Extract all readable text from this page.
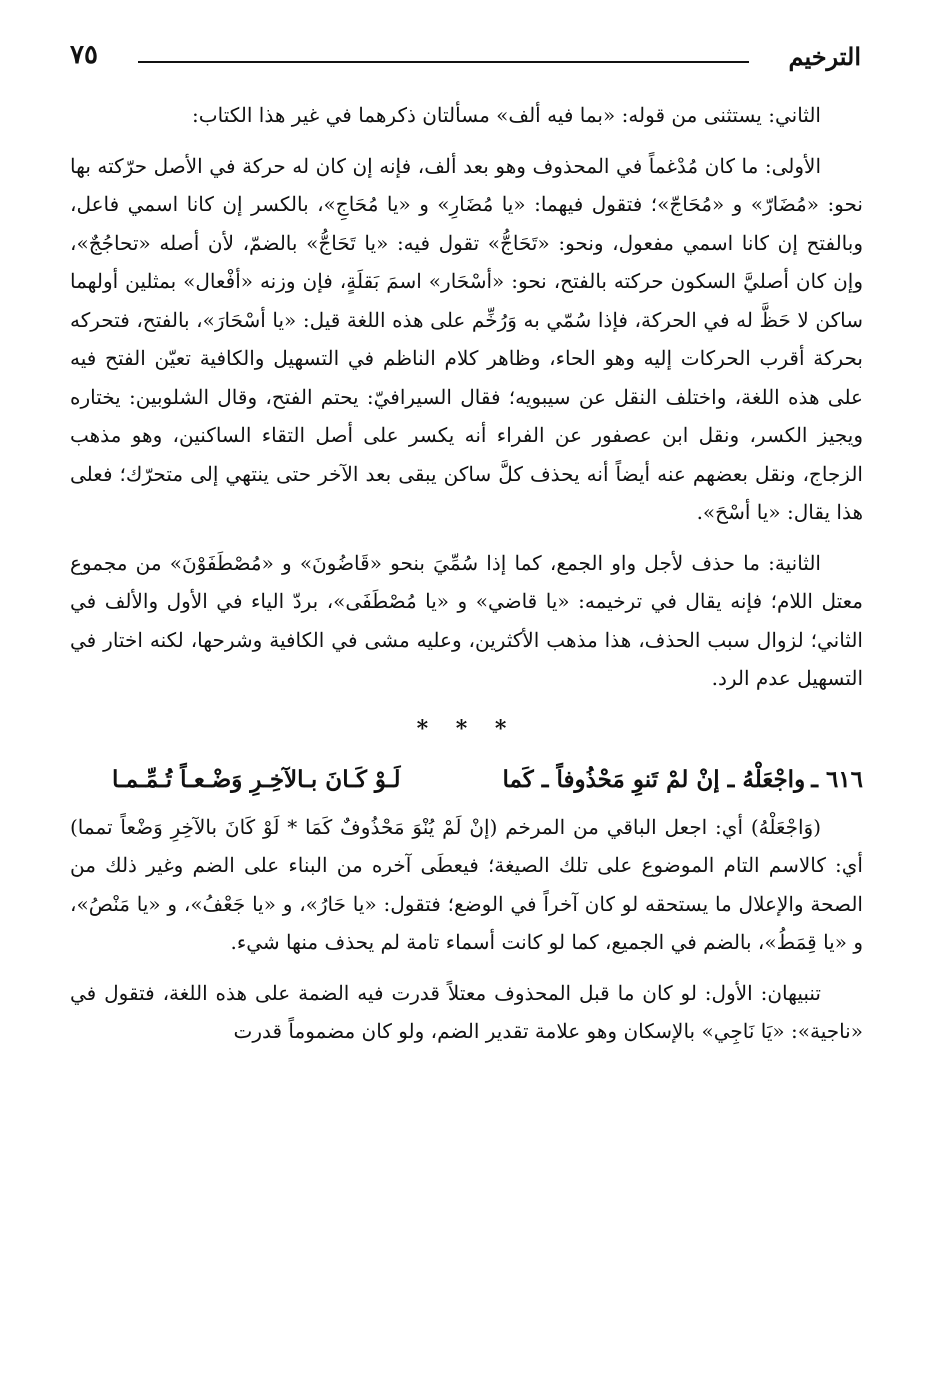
الترخيم
٧٥

الثاني: يستثنى من قوله: «بما فيه ألف» مسألتان ذكرهما في غير هذا الكتاب:

الأولى: ما كان مُدْغماً في المحذوف وهو بعد ألف، فإنه إن كان له حركة في الأصل حرّكته بها نحو: «مُضَارّ» و «مُحَاجّ»؛ فتقول فيهما: «يا مُضَارِ» و «يا مُحَاجِ»، بالكسر إن كانا اسمي فاعل، وبالفتح إن كانا اسمي مفعول، ونحو: «تَحَاجُّ» تقول فيه: «يا تَحَاجُّ» بالضمّ، لأن أصله «تحاجُجٌ»، وإن كان أصليَّ السكون حركته بالفتح، نحو: «أسْحَار» اسمَ بَقلَةٍ، فإن وزنه «أفْعال» بمثلين أولهما ساكن لا حَظَّ له في الحركة، فإذا سُمّي به وَرُخِّم على هذه اللغة قيل: «يا أسْحَارَ»، بالفتح، فتحركه بحركة أقرب الحركات إليه وهو الحاء، وظاهر كلام الناظم في التسهيل والكافية تعيّن الفتح فيه على هذه اللغة، واختلف النقل عن سيبويه؛ فقال السيرافيّ: يحتم الفتح، وقال الشلوبين: يختاره ويجيز الكسر، ونقل ابن عصفور عن الفراء أنه يكسر على أصل التقاء الساكنين، وهو مذهب الزجاج، ونقل بعضهم عنه أيضاً أنه يحذف كلَّ ساكن يبقى بعد الآخر حتى ينتهي إلى متحرّك؛ فعلى هذا يقال: «يا أسْحَ».

الثانية: ما حذف لأجل واو الجمع، كما إذا سُمِّيَ بنحو «قَاضُونَ» و «مُصْطَفَوْنَ» من مجموع معتل اللام؛ فإنه يقال في ترخيمه: «يا قاضي» و «يا مُصْطَفَى»، بردّ الياء في الأول والألف في الثاني؛ لزوال سبب الحذف، هذا مذهب الأكثرين، وعليه مشى في الكافية وشرحها، لكنه اختار في التسهيل عدم الرد.

* * *
٦١٦ ـ
واجْعَلْهُ ـ إنْ لمْ تَنوِ مَحْذُوفاً ـ كَما
لَـوْ كَـانَ بـالآخِـرِ وَضْـعـاً تُـمِّـمـا

(وَاجْعَلْهُ) أي: اجعل الباقي من المرخم (إنْ لَمْ يُنْوَ مَحْذُوفٌ كَمَا * لَوْ كَانَ بالآخِرِ وَضْعاً تمما) أي: كالاسم التام الموضوع على تلك الصيغة؛ فيعطَى آخره من البناء على الضم وغير ذلك من الصحة والإعلال ما يستحقه لو كان آخراً في الوضع؛ فتقول: «يا حَارُ»، و «يا جَعْفُ»، و «يا مَنْصُ»، و «يا قِمَطُ»، بالضم في الجميع، كما لو كانت أسماء تامة لم يحذف منها شيء.

تنبيهان: الأول: لو كان ما قبل المحذوف معتلاً قدرت فيه الضمة على هذه اللغة، فتقول في «ناجية»: «يَا نَاجِي» بالإسكان وهو علامة تقدير الضم، ولو كان مضموماً قدرت
